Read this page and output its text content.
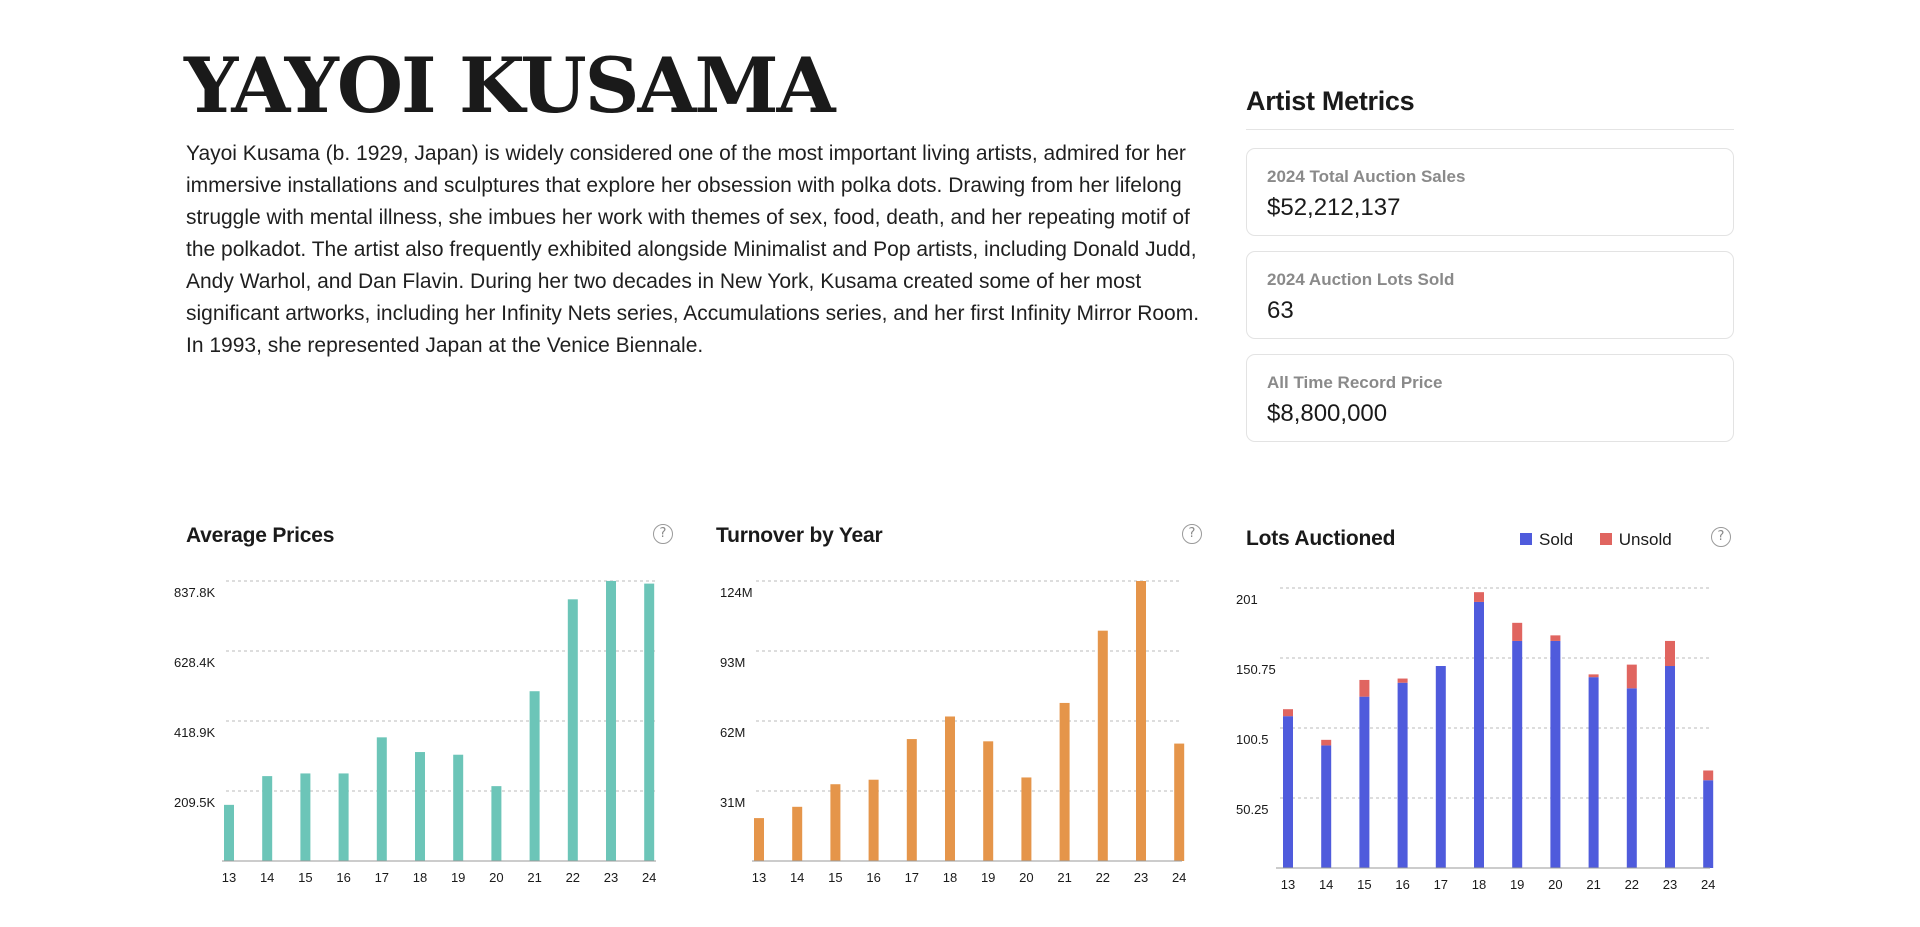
YAYOI KUSAMA

Yayoi Kusama (b. 1929, Japan) is widely considered one of the most important living artists, admired for her immersive installations and sculptures that explore her obsession with polka dots. Drawing from her lifelong struggle with mental illness, she imbues her work with themes of sex, food, death, and her repeating motif of the polkadot. The artist also frequently exhibited alongside Minimalist and Pop artists, including Donald Judd, Andy Warhol, and Dan Flavin. During her two decades in New York, Kusama created some of her most significant artworks, including her Infinity Nets series, Accumulations series, and her first Infinity Mirror Room. In 1993, she represented Japan at the Venice Biennale.

Artist Metrics
2024 Total Auction Sales
$52,212,137
2024 Auction Lots Sold
63
All Time Record Price
$8,800,000
Average Prices	?
209.5K
418.9K
628.4K
837.8K
13 14 15 16 17 18 19 20 21 22 23 24
Turnover by Year	?
31M
62M
93M
124M
13 14 15 16 17 18 19 20 21 22 23 24
Lots Auctioned	Sold	Unsold	?
50.25
100.5
150.75
201
13 14 15 16 17 18 19 20 21 22 23 24
